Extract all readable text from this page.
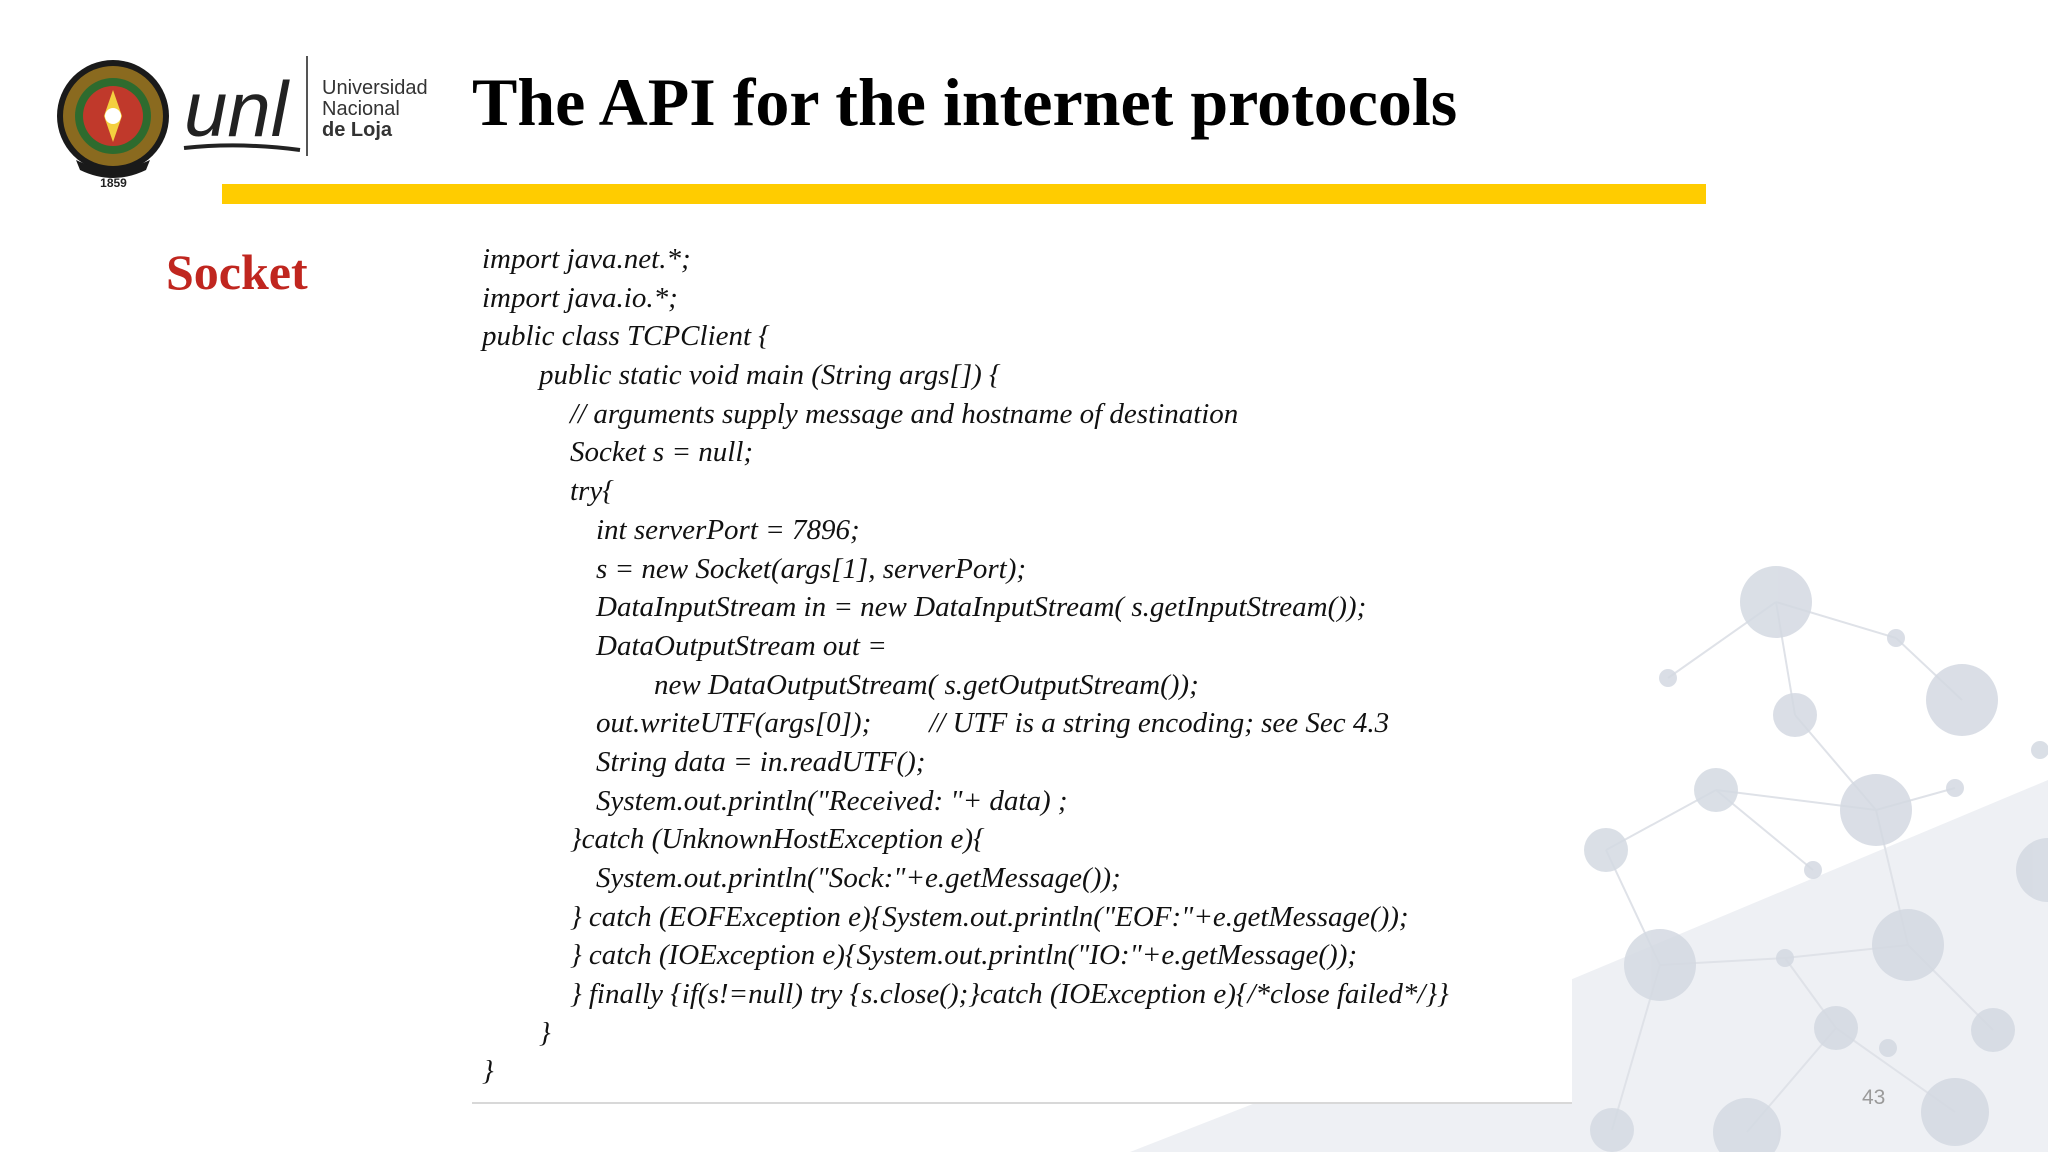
1859
unl Universidad
Nacional
de Loja	The API for the internet protocols
Socket	import java.net.*;
import java.io.*;
public class TCPClient {
public static void main (String args[]) {
// arguments supply message and hostname of destination
Socket s = null;
try{
int serverPort = 7896;
s = new Socket(args[1], serverPort);
DataInputStream in = new DataInputStream( s.getInputStream());
DataOutputStream out =
new DataOutputStream( s.getOutputStream());
out.writeUTF(args[0]);        // UTF is a string encoding; see Sec 4.3
String data = in.readUTF();
System.out.println("Received: "+ data) ;
}catch (UnknownHostException e){
System.out.println("Sock:"+e.getMessage());
} catch (EOFException e){System.out.println("EOF:"+e.getMessage());
} catch (IOException e){System.out.println("IO:"+e.getMessage());
} finally {if(s!=null) try {s.close();}catch (IOException e){/*close failed*/}}
}
}
43
